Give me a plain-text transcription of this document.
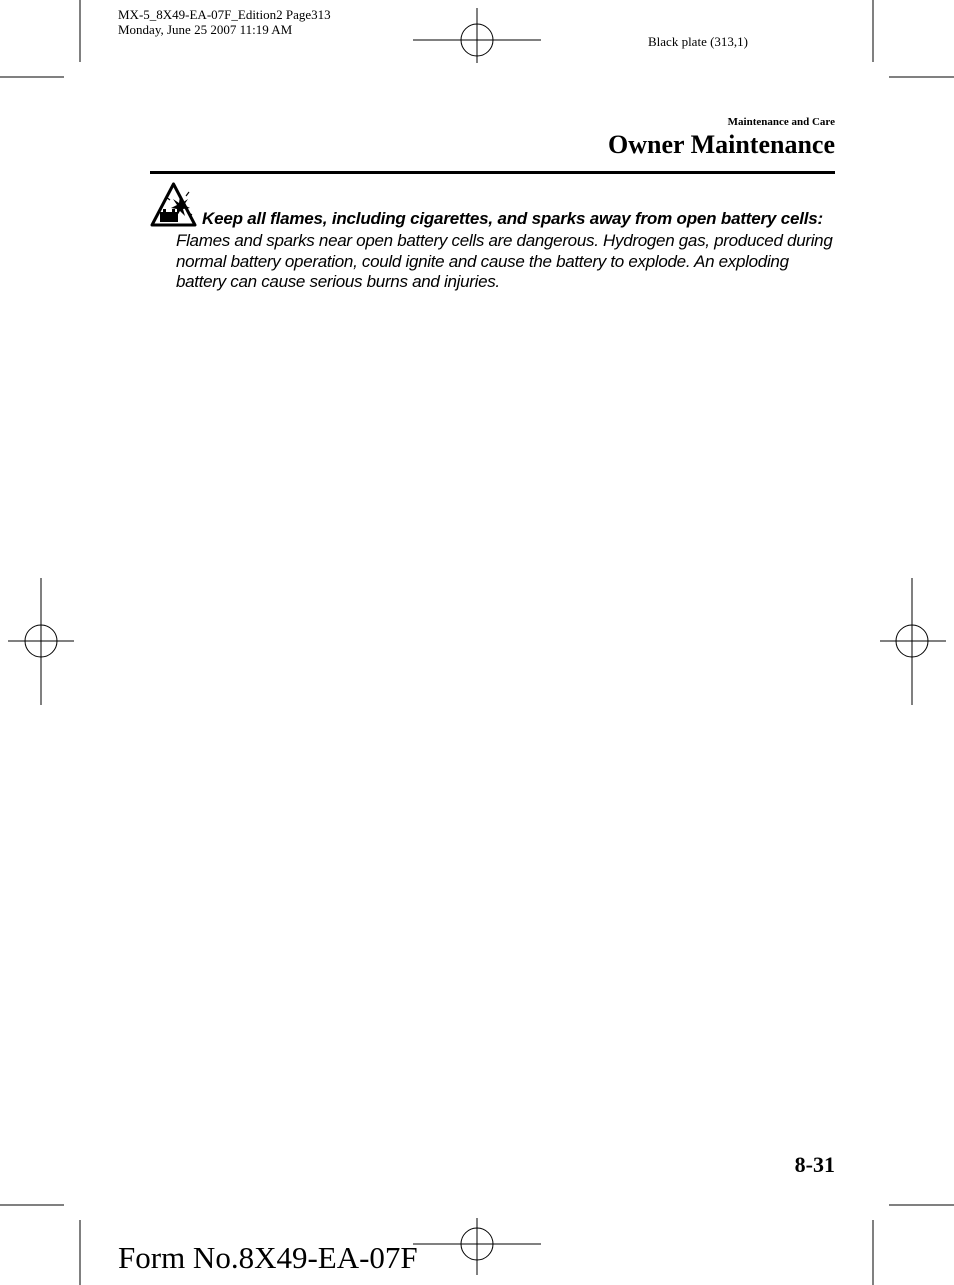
MX-5_8X49-EA-07F_Edition2 Page313
Monday, June 25 2007 11:19 AM
Black plate (313,1)
Maintenance and Care
Owner Maintenance
Keep all flames, including cigarettes, and sparks away from open battery cells:
Flames and sparks near open battery cells are dangerous. Hydrogen gas, produced during normal battery operation, could ignite and cause the battery to explode. An exploding battery can cause serious burns and injuries.
8-31
Form No.8X49-EA-07F
